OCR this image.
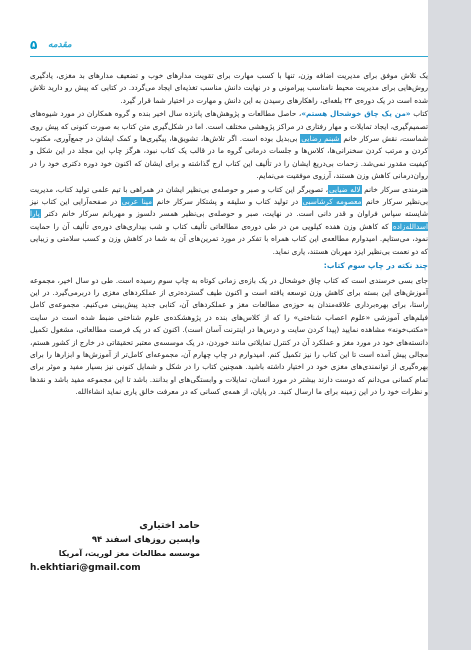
۵ مقدمه

یک تلاش موفق برای مدیریت اضافه وزن، تنها با کسب مهارت برای تقویت مدارهای خوب و تضعیف مدارهای بد مغزی، یادگیری روش‌هایی برای مدیریت محیط نامناسب پیرامونی و در نهایت دانش مناسب تغذیه‌ای ایجاد می‌گردد. در کتابی که پیش رو دارید تلاش شده است در یک دوره‌ی ۲۴ بلغه‌ای، راهکارهای رسیدن به این دانش و مهارت در اختیار شما قرار گیرد.

کتاب «من یک چاق خوشحال هستم»، حاصل مطالعات و پژوهش‌های پانزده سال اخیر بنده و گروه همکاران در مورد شیوه‌های تصمیم‌گیری، ایجاد تمایلات و مهار رفتاری در مراکز پژوهشی مختلف است. اما در شکل‌گیری متن کتاب به صورت کنونی که پیش روی شماست، نقش سرکار خانم شبنم رضایی بی‌بدیل بوده است. اگر تلاش‌ها، تشویق‌ها، پیگیری‌ها و کمک ایشان در جمع‌آوری، مکتوب کردن و مرتب کردن سخنرانی‌ها، کلاس‌ها و جلسات درمانی گروه ما در قالب یک کتاب نبود، هرگز چاپ این مجلد در این شکل و کیفیت مقدور نمی‌شد. زحمات بی‌دریغ ایشان را در تألیف این کتاب ارج گذاشته و برای ایشان که اکنون خود دوره دکتری خود را در روان‌درمانی کاهش وزن هستند، آرزوی موفقیت می‌نمایم.

هنرمندی سرکار خانم لاله ضیایی، تصویرگر این کتاب و صبر و حوصله‌ی بی‌نظیر ایشان در همراهی با تیم علمی تولید کتاب، مدیریت بی‌نظیر سرکار خانم معصومه کرشاسبی در تولید کتاب و سلیقه و پشتکار سرکار خانم مینا عربی در صفحه‌آرایی این کتاب نیز شایسته سپاس فراوان و قدر دانی است. در نهایت، صبر و حوصله‌ی بی‌نظیر همسر دلسوز و مهربانم سرکار خانم دکتر پارا اسدالله‌زاده که کاهش وزن هفده کیلویی من در طی دوره‌ی مطالعاتی تألیف کتاب و شب بیداری‌های دوره‌ی تألیف آن را حمایت نمود، می‌ستایم. امیدوارم مطالعه‌ی این کتاب همراه با تفکر در مورد تمرین‌های آن به شما در کاهش وزن و کسب سلامتی و زیبایی که دو نعمت بی‌نظیر ایزد مهربان هستند، یاری نماید.

چند نکته در چاپ سوم کتاب:

جای بسی خرسندی است که کتاب چاق خوشحال در یک بازه‌ی زمانی کوتاه به چاپ سوم رسیده است. طی دو سال اخیر، مجموعه آموزش‌های این بسته برای کاهش وزن توسعه یافته است و اکنون طیف گسترده‌تری از عملکردهای مغزی را دربرمی‌گیرد. در این راستا، برای بهره‌برداری علاقه‌مندان به حوزه‌ی مطالعات مغز و عملکردهای آن، کتابی جدید پیش‌بینی می‌کنیم. مجموعه‌ی کامل فیلم‌های آموزشی «علوم اعصاب شناختی» را که از کلاس‌های بنده در پژوهشکده‌ی علوم شناختی ضبط شده است در سایت «مکتب‌خونه» مشاهده نمایید (پیدا کردن سایت و درس‌ها در اینترنت آسان است). اکنون که در یک فرصت مطالعاتی، مشغول تکمیل دانسته‌های خود در مورد مغز و عملکرد آن در کنترل تمایلاتی مانند خوردن، در یک موسسه‌ی معتبر تحقیقاتی در خارج از کشور هستم، مجالی پیش آمده است تا این کتاب را نیز تکمیل کنم. امیدوارم در چاپ چهارم آن، مجموعه‌ای کامل‌تر از آموزش‌ها و ابزارها را برای بهره‌گیری از توانمندی‌های مغزی خود در اختیار داشته باشید. همچنین کتاب را در شکل و شمایل کنونی نیز بسیار مفید و موثر برای تمام کسانی می‌دانم که دوست دارند بیشتر در مورد انسان، تمایلات و وابستگی‌های او بدانند. باشد تا این مجموعه مفید باشد و نقد‌ها و نظرات خود را در این زمینه برای ما ارسال کنید. در پایان، از همه‌ی کسانی که در معرفت خالق یاری نماید انشاءالله.

حامد اختیاری
واپسین روزهای اسفند ۹۴
موسسه مطالعات مغز لوریت، آمریکا
h.ekhtiari@gmail.com
